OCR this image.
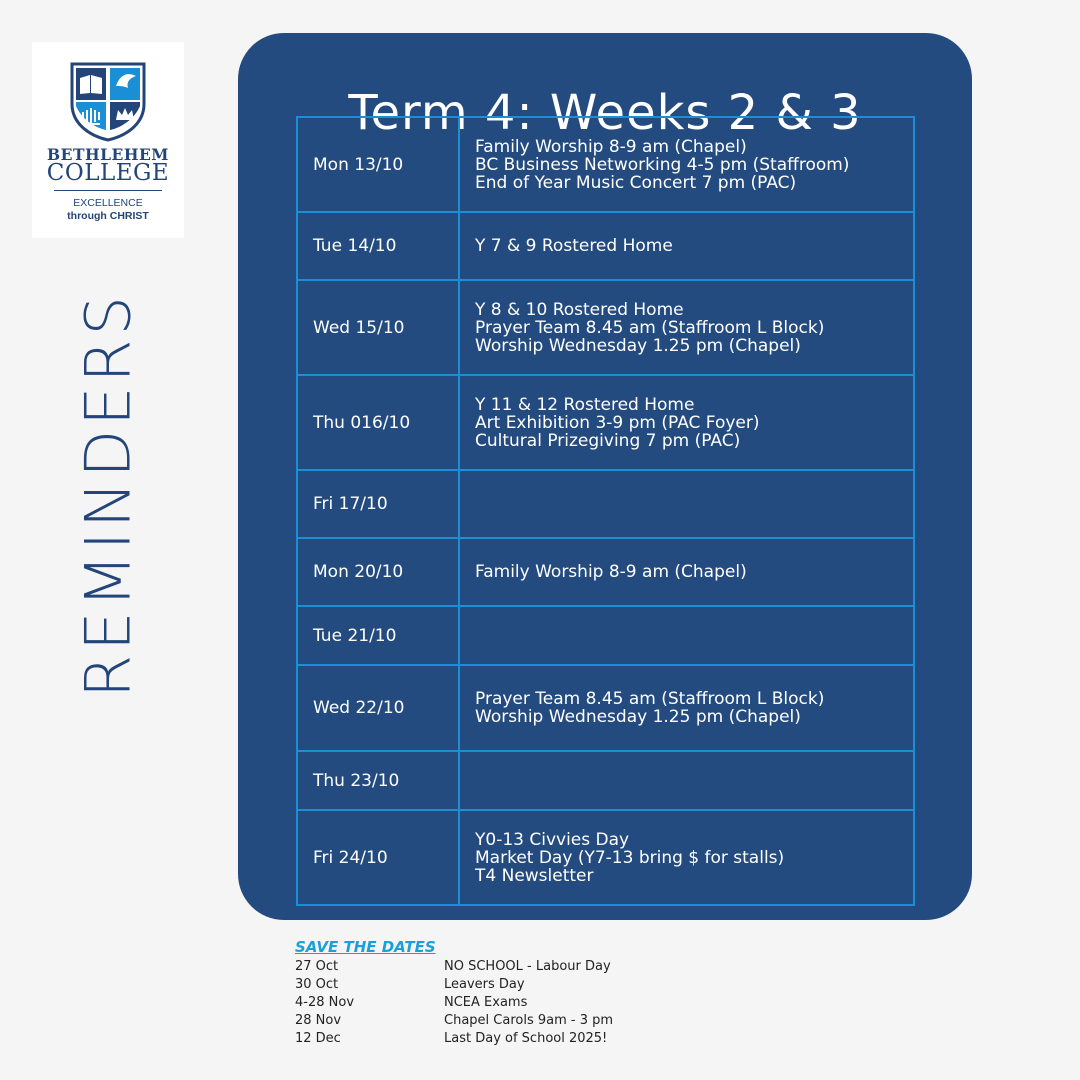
BETHLEHEM
COLLEGE
EXCELLENCE
through CHRIST
REMINDERS
Term 4: Weeks 2 & 3
Mon 13/10	Family Worship 8-9 am (Chapel)
BC Business Networking 4-5 pm (Staffroom)
End of Year Music Concert 7 pm (PAC)

Tue 14/10	Y 7 & 9 Rostered Home

Wed 15/10	Y 8 & 10 Rostered Home
Prayer Team 8.45 am (Staffroom L Block)
Worship Wednesday 1.25 pm (Chapel)

Thu 016/10	Y 11 & 12 Rostered Home
Art Exhibition 3-9 pm (PAC Foyer)
Cultural Prizegiving 7 pm (PAC)

Fri 17/10	
Mon 20/10	Family Worship 8-9 am (Chapel)

Tue 21/10	
Wed 22/10	Prayer Team 8.45 am (Staffroom L Block)
Worship Wednesday 1.25 pm (Chapel)

Thu 23/10	
Fri 24/10	Y0-13 Civvies Day
Market Day (Y7-13 bring $ for stalls)
T4 Newsletter
SAVE THE DATES
27 Oct	NO SCHOOL - Labour Day
30 Oct	Leavers Day
4-28 Nov	NCEA Exams
28 Nov	Chapel Carols 9am - 3 pm
12 Dec	Last Day of School 2025!
